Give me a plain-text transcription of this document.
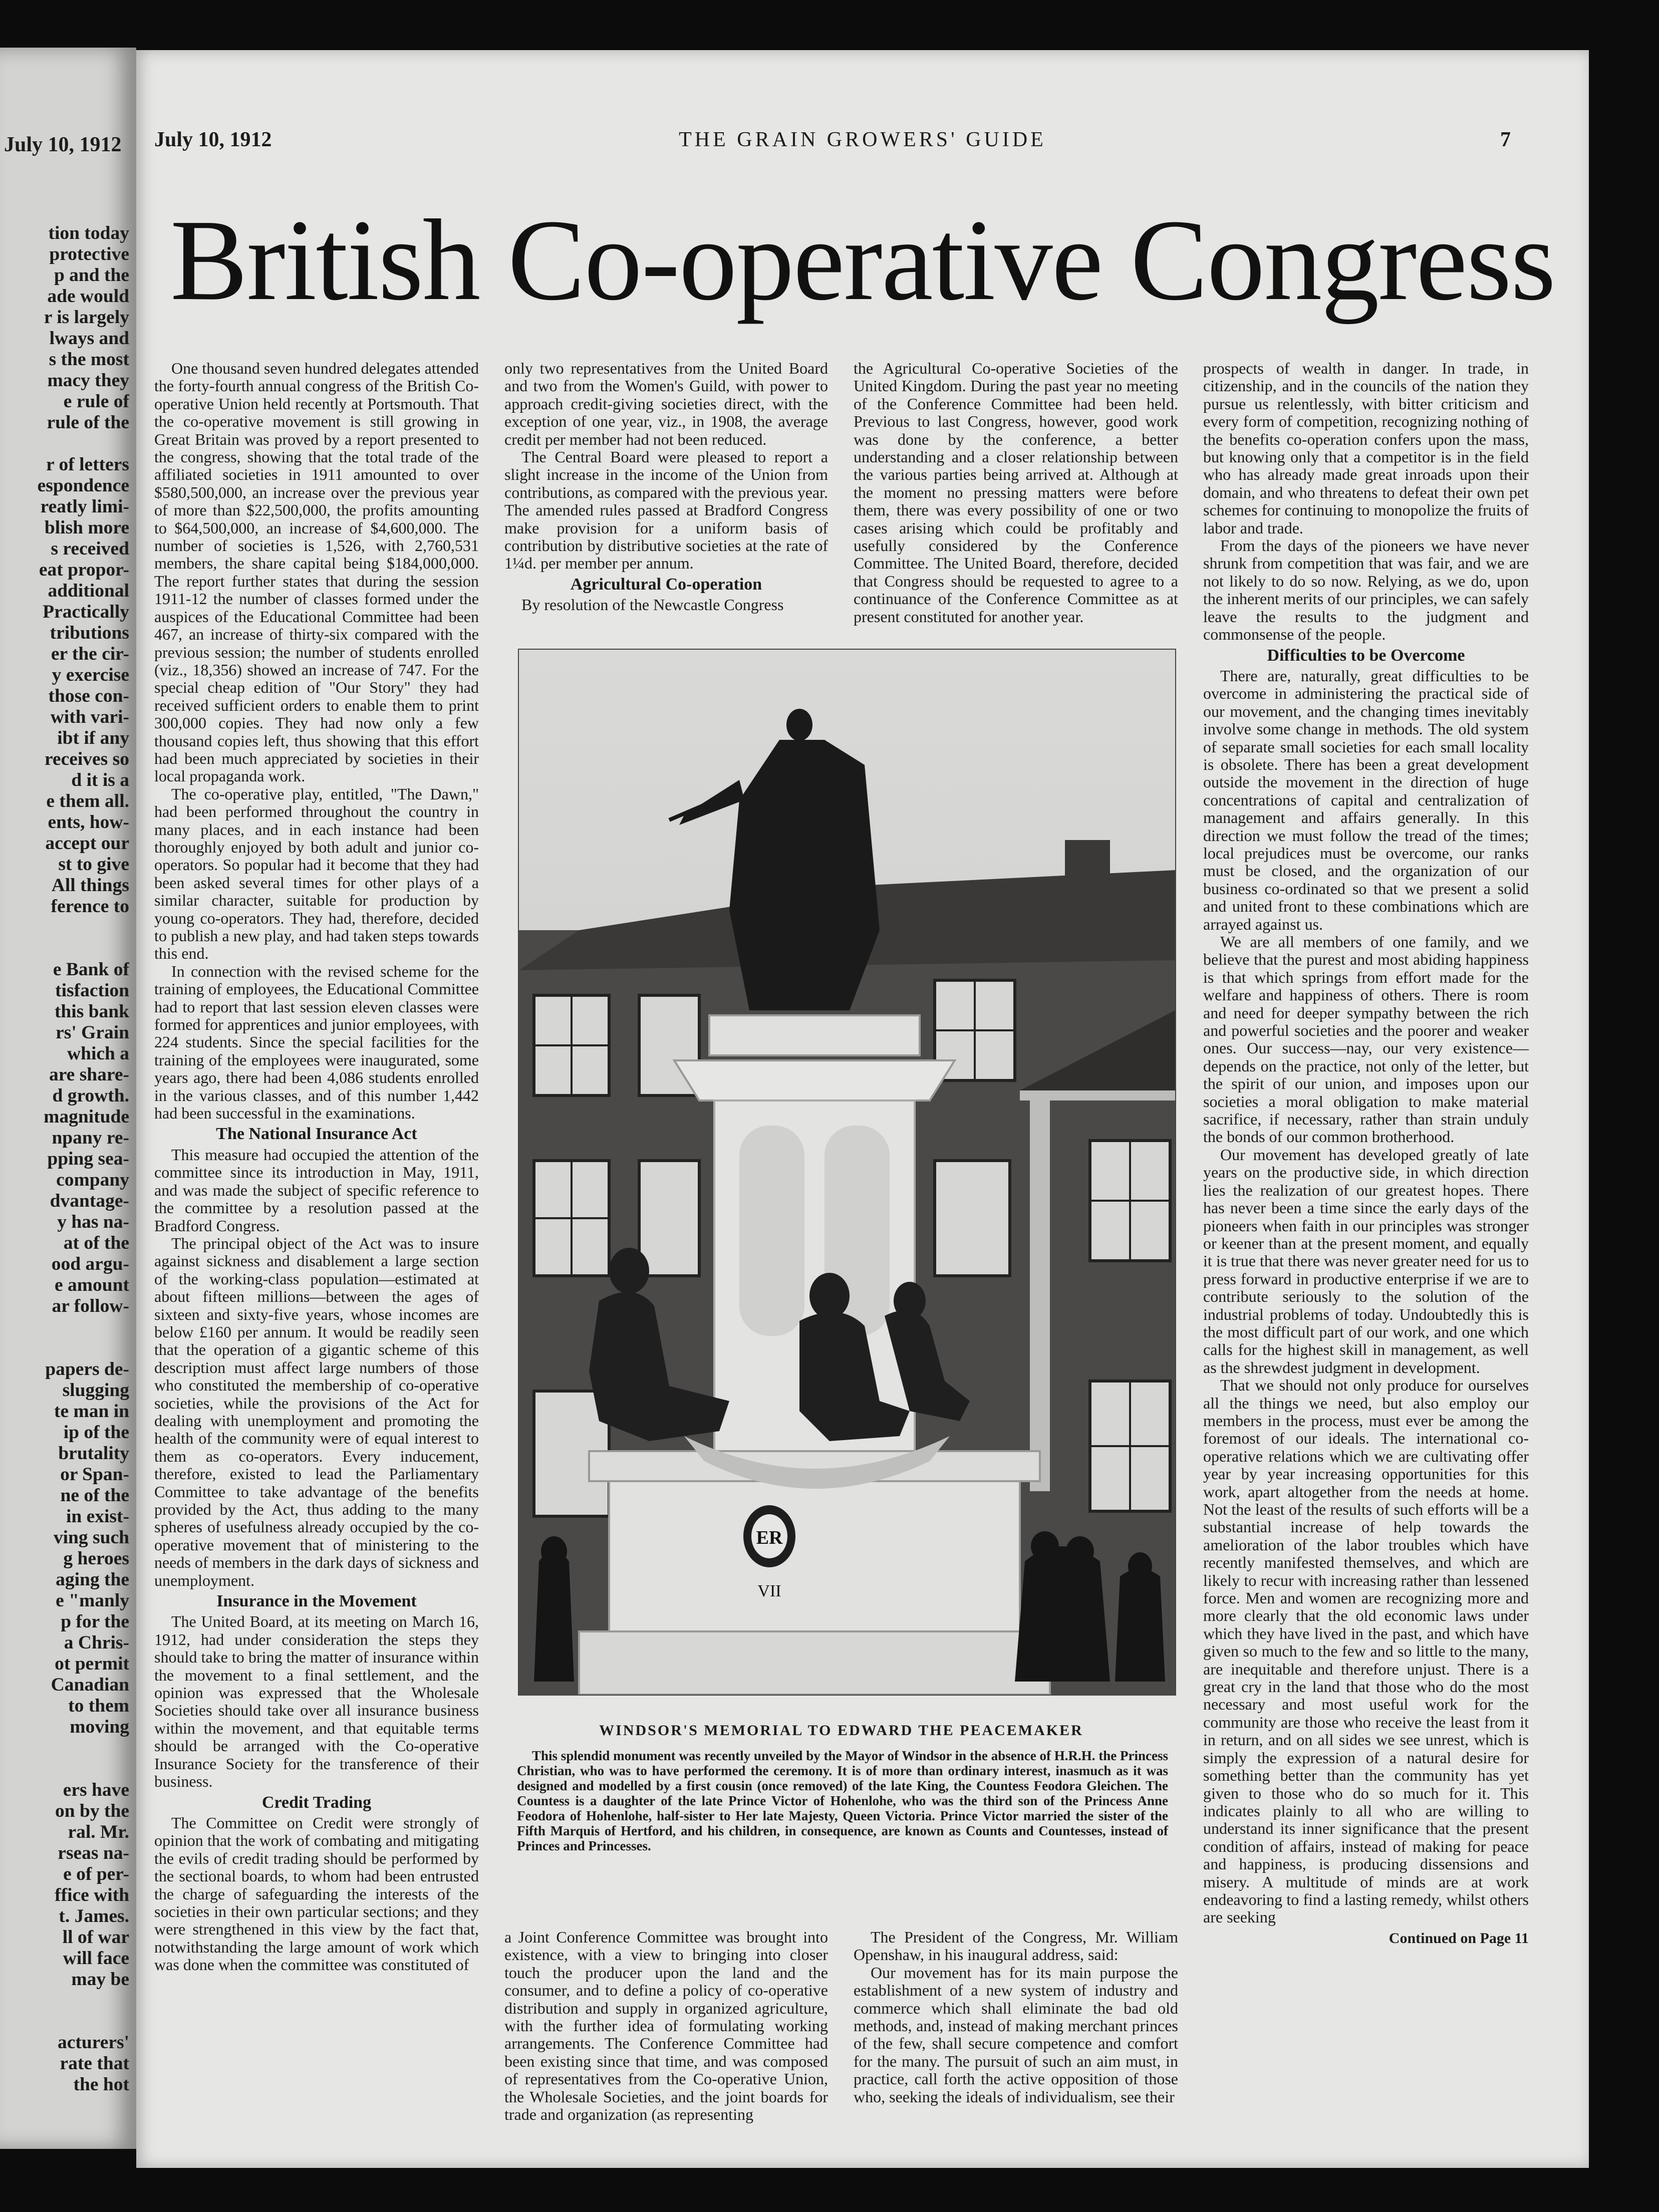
July 10, 1912
tion today
protective
p and the
ade would
r is largely
lways and
s the most
macy they
e rule of
rule of the

r of letters
espondence
reatly limi-
blish more
s received
eat propor-
additional
Practically
tributions
er the cir-
y exercise
those con-
with vari-
ibt if any
receives so
d it is a
e them all.
ents, how-
accept our
st to give
All things
ference to

e Bank of
tisfaction
this bank
rs' Grain
which a
are share-
d growth.
magnitude
npany re-
pping sea-
company
dvantage-
y has na-
at of the
ood argu-
e amount
ar follow-

papers de-
slugging
te man in
ip of the
brutality
or Span-
ne of the
in exist-
ving such
g heroes
aging the
e "manly
p for the
a Chris-
ot permit
Canadian
to them
moving

ers have
on by the
ral. Mr.
rseas na-
e of per-
ffice with
t. James.
ll of war
will face
may be

acturers'
rate that
the hot
July 10, 1912	THE GRAIN GROWERS' GUIDE	7
British Co-operative Congress

One thousand seven hundred delegates attended the forty-fourth annual congress of the British Co-operative Union held recently at Portsmouth. That the co-operative movement is still growing in Great Britain was proved by a report presented to the congress, showing that the total trade of the affiliated societies in 1911 amounted to over $580,500,000, an increase over the previous year of more than $22,500,000, the profits amounting to $64,500,000, an increase of $4,600,000. The number of societies is 1,526, with 2,760,531 members, the share capital being $184,000,000. The report further states that during the session 1911-12 the number of classes formed under the auspices of the Educational Committee had been 467, an increase of thirty-six compared with the previous session; the number of students enrolled (viz., 18,356) showed an increase of 747. For the special cheap edition of "Our Story" they had received sufficient orders to enable them to print 300,000 copies. They had now only a few thousand copies left, thus showing that this effort had been much appreciated by societies in their local propaganda work.

The co-operative play, entitled, "The Dawn," had been performed throughout the country in many places, and in each instance had been thoroughly enjoyed by both adult and junior co-operators. So popular had it become that they had been asked several times for other plays of a similar character, suitable for production by young co-operators. They had, therefore, decided to publish a new play, and had taken steps towards this end.

In connection with the revised scheme for the training of employees, the Educational Committee had to report that last session eleven classes were formed for apprentices and junior employees, with 224 students. Since the special facilities for the training of the employees were inaugurated, some years ago, there had been 4,086 students enrolled in the various classes, and of this number 1,442 had been successful in the examinations.

The National Insurance Act

This measure had occupied the attention of the committee since its introduction in May, 1911, and was made the subject of specific reference to the committee by a resolution passed at the Bradford Congress.

The principal object of the Act was to insure against sickness and disablement a large section of the working-class population—estimated at about fifteen millions—between the ages of sixteen and sixty-five years, whose incomes are below £160 per annum. It would be readily seen that the operation of a gigantic scheme of this description must affect large numbers of those who constituted the membership of co-operative societies, while the provisions of the Act for dealing with unemployment and promoting the health of the community were of equal interest to them as co-operators. Every inducement, therefore, existed to lead the Parliamentary Committee to take advantage of the benefits provided by the Act, thus adding to the many spheres of usefulness already occupied by the co-operative movement that of ministering to the needs of members in the dark days of sickness and unemployment.

Insurance in the Movement

The United Board, at its meeting on March 16, 1912, had under consideration the steps they should take to bring the matter of insurance within the movement to a final settlement, and the opinion was expressed that the Wholesale Societies should take over all insurance business within the movement, and that equitable terms should be arranged with the Co-operative Insurance Society for the transference of their business.

Credit Trading

The Committee on Credit were strongly of opinion that the work of combating and mitigating the evils of credit trading should be performed by the sectional boards, to whom had been entrusted the charge of safeguarding the interests of the societies in their own particular sections; and they were strengthened in this view by the fact that, notwithstanding the large amount of work which was done when the committee was constituted of

only two representatives from the United Board and two from the Women's Guild, with power to approach credit-giving societies direct, with the exception of one year, viz., in 1908, the average credit per member had not been reduced.

The Central Board were pleased to report a slight increase in the income of the Union from contributions, as compared with the previous year. The amended rules passed at Bradford Congress make provision for a uniform basis of contribution by distributive societies at the rate of 1¼d. per member per annum.

Agricultural Co-operation

By resolution of the Newcastle Congress

the Agricultural Co-operative Societies of the United Kingdom. During the past year no meeting of the Conference Committee had been held. Previous to last Congress, however, good work was done by the conference, a better understanding and a closer relationship between the various parties being arrived at. Although at the moment no pressing matters were before them, there was every possibility of one or two cases arising which could be profitably and usefully considered by the Conference Committee. The United Board, therefore, decided that Congress should be requested to agree to a continuance of the Conference Committee as at present constituted for another year.

prospects of wealth in danger. In trade, in citizenship, and in the councils of the nation they pursue us relentlessly, with bitter criticism and every form of competition, recognizing nothing of the benefits co-operation confers upon the mass, but knowing only that a competitor is in the field who has already made great inroads upon their domain, and who threatens to defeat their own pet schemes for continuing to monopolize the fruits of labor and trade.

From the days of the pioneers we have never shrunk from competition that was fair, and we are not likely to do so now. Relying, as we do, upon the inherent merits of our principles, we can safely leave the results to the judgment and commonsense of the people.

Difficulties to be Overcome

There are, naturally, great difficulties to be overcome in administering the practical side of our movement, and the changing times inevitably involve some change in methods. The old system of separate small societies for each small locality is obsolete. There has been a great development outside the movement in the direction of huge concentrations of capital and centralization of management and affairs generally. In this direction we must follow the tread of the times; local prejudices must be overcome, our ranks must be closed, and the organization of our business co-ordinated so that we present a solid and united front to these combinations which are arrayed against us.

We are all members of one family, and we believe that the purest and most abiding happiness is that which springs from effort made for the welfare and happiness of others. There is room and need for deeper sympathy between the rich and powerful societies and the poorer and weaker ones. Our success—nay, our very existence—depends on the practice, not only of the letter, but the spirit of our union, and imposes upon our societies a moral obligation to make material sacrifice, if necessary, rather than strain unduly the bonds of our common brotherhood.

Our movement has developed greatly of late years on the productive side, in which direction lies the realization of our greatest hopes. There has never been a time since the early days of the pioneers when faith in our principles was stronger or keener than at the present moment, and equally it is true that there was never greater need for us to press forward in productive enterprise if we are to contribute seriously to the solution of the industrial problems of today. Undoubtedly this is the most difficult part of our work, and one which calls for the highest skill in management, as well as the shrewdest judgment in development.

That we should not only produce for ourselves all the things we need, but also employ our members in the process, must ever be among the foremost of our ideals. The international co-operative relations which we are cultivating offer year by year increasing opportunities for this work, apart altogether from the needs at home. Not the least of the results of such efforts will be a substantial increase of help towards the amelioration of the labor troubles which have recently manifested themselves, and which are likely to recur with increasing rather than lessened force. Men and women are recognizing more and more clearly that the old economic laws under which they have lived in the past, and which have given so much to the few and so little to the many, are inequitable and therefore unjust. There is a great cry in the land that those who do the most necessary and most useful work for the community are those who receive the least from it in return, and on all sides we see unrest, which is simply the expression of a natural desire for something better than the community has yet given to those who do so much for it. This indicates plainly to all who are willing to understand its inner significance that the present condition of affairs, instead of making for peace and happiness, is producing dissensions and misery. A multitude of minds are at work endeavoring to find a lasting remedy, whilst others are seeking

Continued on Page 11

ER
VII
WINDSOR'S MEMORIAL TO EDWARD THE PEACEMAKER
This splendid monument was recently unveiled by the Mayor of Windsor in the absence of H.R.H. the Princess Christian, who was to have performed the ceremony. It is of more than ordinary interest, inasmuch as it was designed and modelled by a first cousin (once removed) of the late King, the Countess Feodora Gleichen. The Countess is a daughter of the late Prince Victor of Hohenlohe, who was the third son of the Princess Anne Feodora of Hohenlohe, half-sister to Her late Majesty, Queen Victoria. Prince Victor married the sister of the Fifth Marquis of Hertford, and his children, in consequence, are known as Counts and Countesses, instead of Princes and Princesses.

a Joint Conference Committee was brought into existence, with a view to bringing into closer touch the producer upon the land and the consumer, and to define a policy of co-operative distribution and supply in organized agriculture, with the further idea of formulating working arrangements. The Conference Committee had been existing since that time, and was composed of representatives from the Co-operative Union, the Wholesale Societies, and the joint boards for trade and organization (as representing

The President of the Congress, Mr. William Openshaw, in his inaugural address, said:

Our movement has for its main purpose the establishment of a new system of industry and commerce which shall eliminate the bad old methods, and, instead of making merchant princes of the few, shall secure competence and comfort for the many. The pursuit of such an aim must, in practice, call forth the active opposition of those who, seeking the ideals of individualism, see their
